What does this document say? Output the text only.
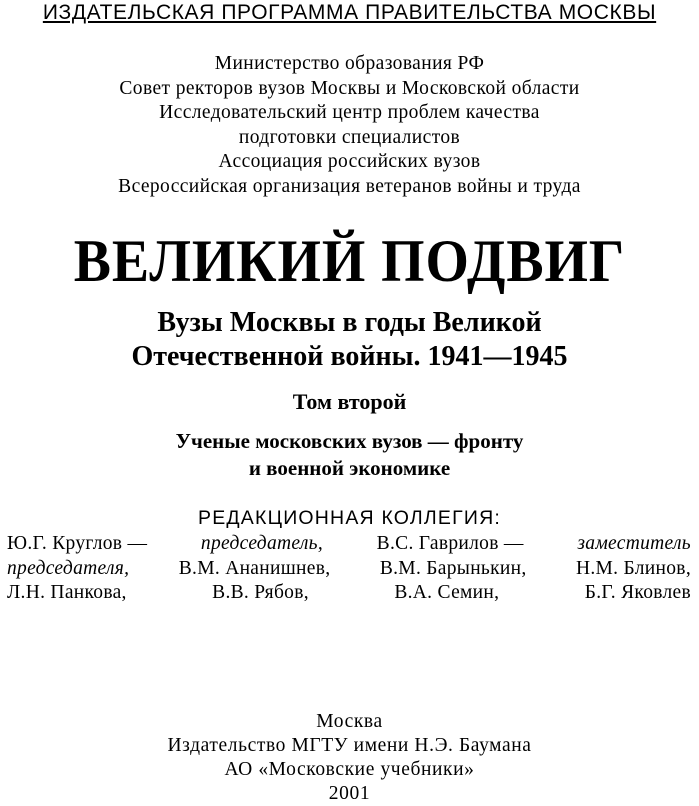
ИЗДАТЕЛЬСКАЯ ПРОГРАММА ПРАВИТЕЛЬСТВА МОСКВЫ
Министерство образования РФ
Совет ректоров вузов Москвы и Московской области
Исследовательский центр проблем качества
подготовки специалистов
Ассоциация российских вузов
Всероссийская организация ветеранов войны и труда
ВЕЛИКИЙ ПОДВИГ
Вузы Москвы в годы Великой
Отечественной войны. 1941—1945
Том второй
Ученые московских вузов — фронту
и военной экономике
РЕДАКЦИОННАЯ КОЛЛЕГИЯ:
Ю.Г. Круглов —	председатель,	В.С. Гаврилов —	заместитель
председателя,	В.М. Ананишнев,	В.М. Барынькин,	Н.М. Блинов,
Л.Н. Панкова,	В.В. Рябов,	В.А. Семин,	Б.Г. Яковлев
Москва
Издательство МГТУ имени Н.Э. Баумана
АО «Московские учебники»
2001
